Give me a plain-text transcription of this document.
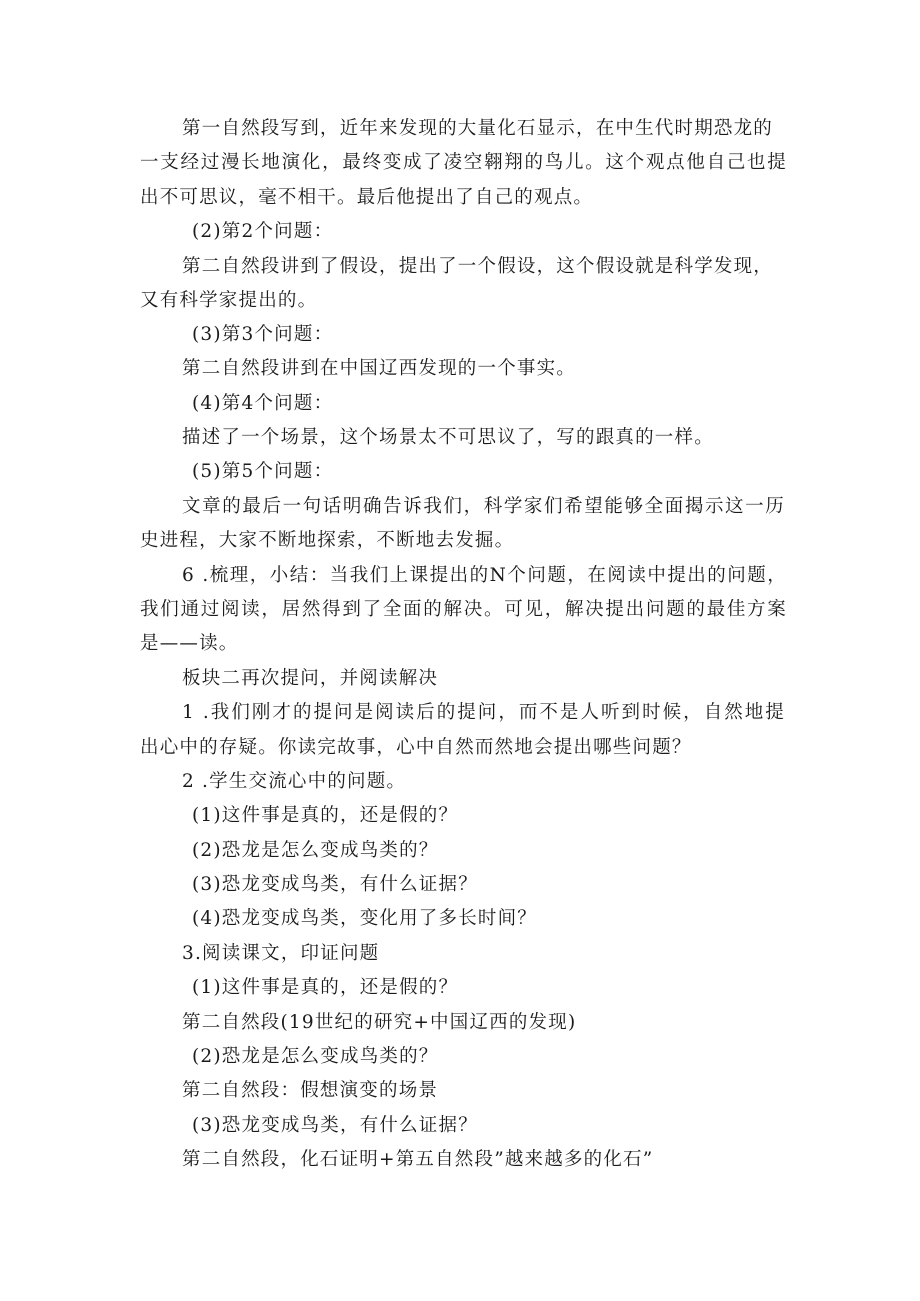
第一自然段写到，近年来发现的大量化石显示，在中生代时期恐龙的
一支经过漫长地演化，最终变成了凌空翱翔的鸟儿。这个观点他自己也提
出不可思议，毫不相干。最后他提出了自己的观点。
(2)第2个问题：
第二自然段讲到了假设，提出了一个假设，这个假设就是科学发现，
又有科学家提出的。
(3)第3个问题：
第二自然段讲到在中国辽西发现的一个事实。
(4)第4个问题：
描述了一个场景，这个场景太不可思议了，写的跟真的一样。
(5)第5个问题：
文章的最后一句话明确告诉我们，科学家们希望能够全面揭示这一历
史进程，大家不断地探索，不断地去发掘。
6 .梳理，小结：当我们上课提出的N个问题，在阅读中提出的问题，
我们通过阅读，居然得到了全面的解决。可见，解决提出问题的最佳方案
是——读。
板块二再次提问，并阅读解决
1 .我们刚才的提问是阅读后的提问，而不是人听到时候，自然地提
出心中的存疑。你读完故事，心中自然而然地会提出哪些问题？
2 .学生交流心中的问题。
(1)这件事是真的，还是假的？
(2)恐龙是怎么变成鸟类的？
(3)恐龙变成鸟类，有什么证据？
(4)恐龙变成鸟类，变化用了多长时间？
3.阅读课文，印证问题
(1)这件事是真的，还是假的？
第二自然段(19世纪的研究+中国辽西的发现)
(2)恐龙是怎么变成鸟类的？
第二自然段：假想演变的场景
(3)恐龙变成鸟类，有什么证据？
第二自然段，化石证明+第五自然段”越来越多的化石”
